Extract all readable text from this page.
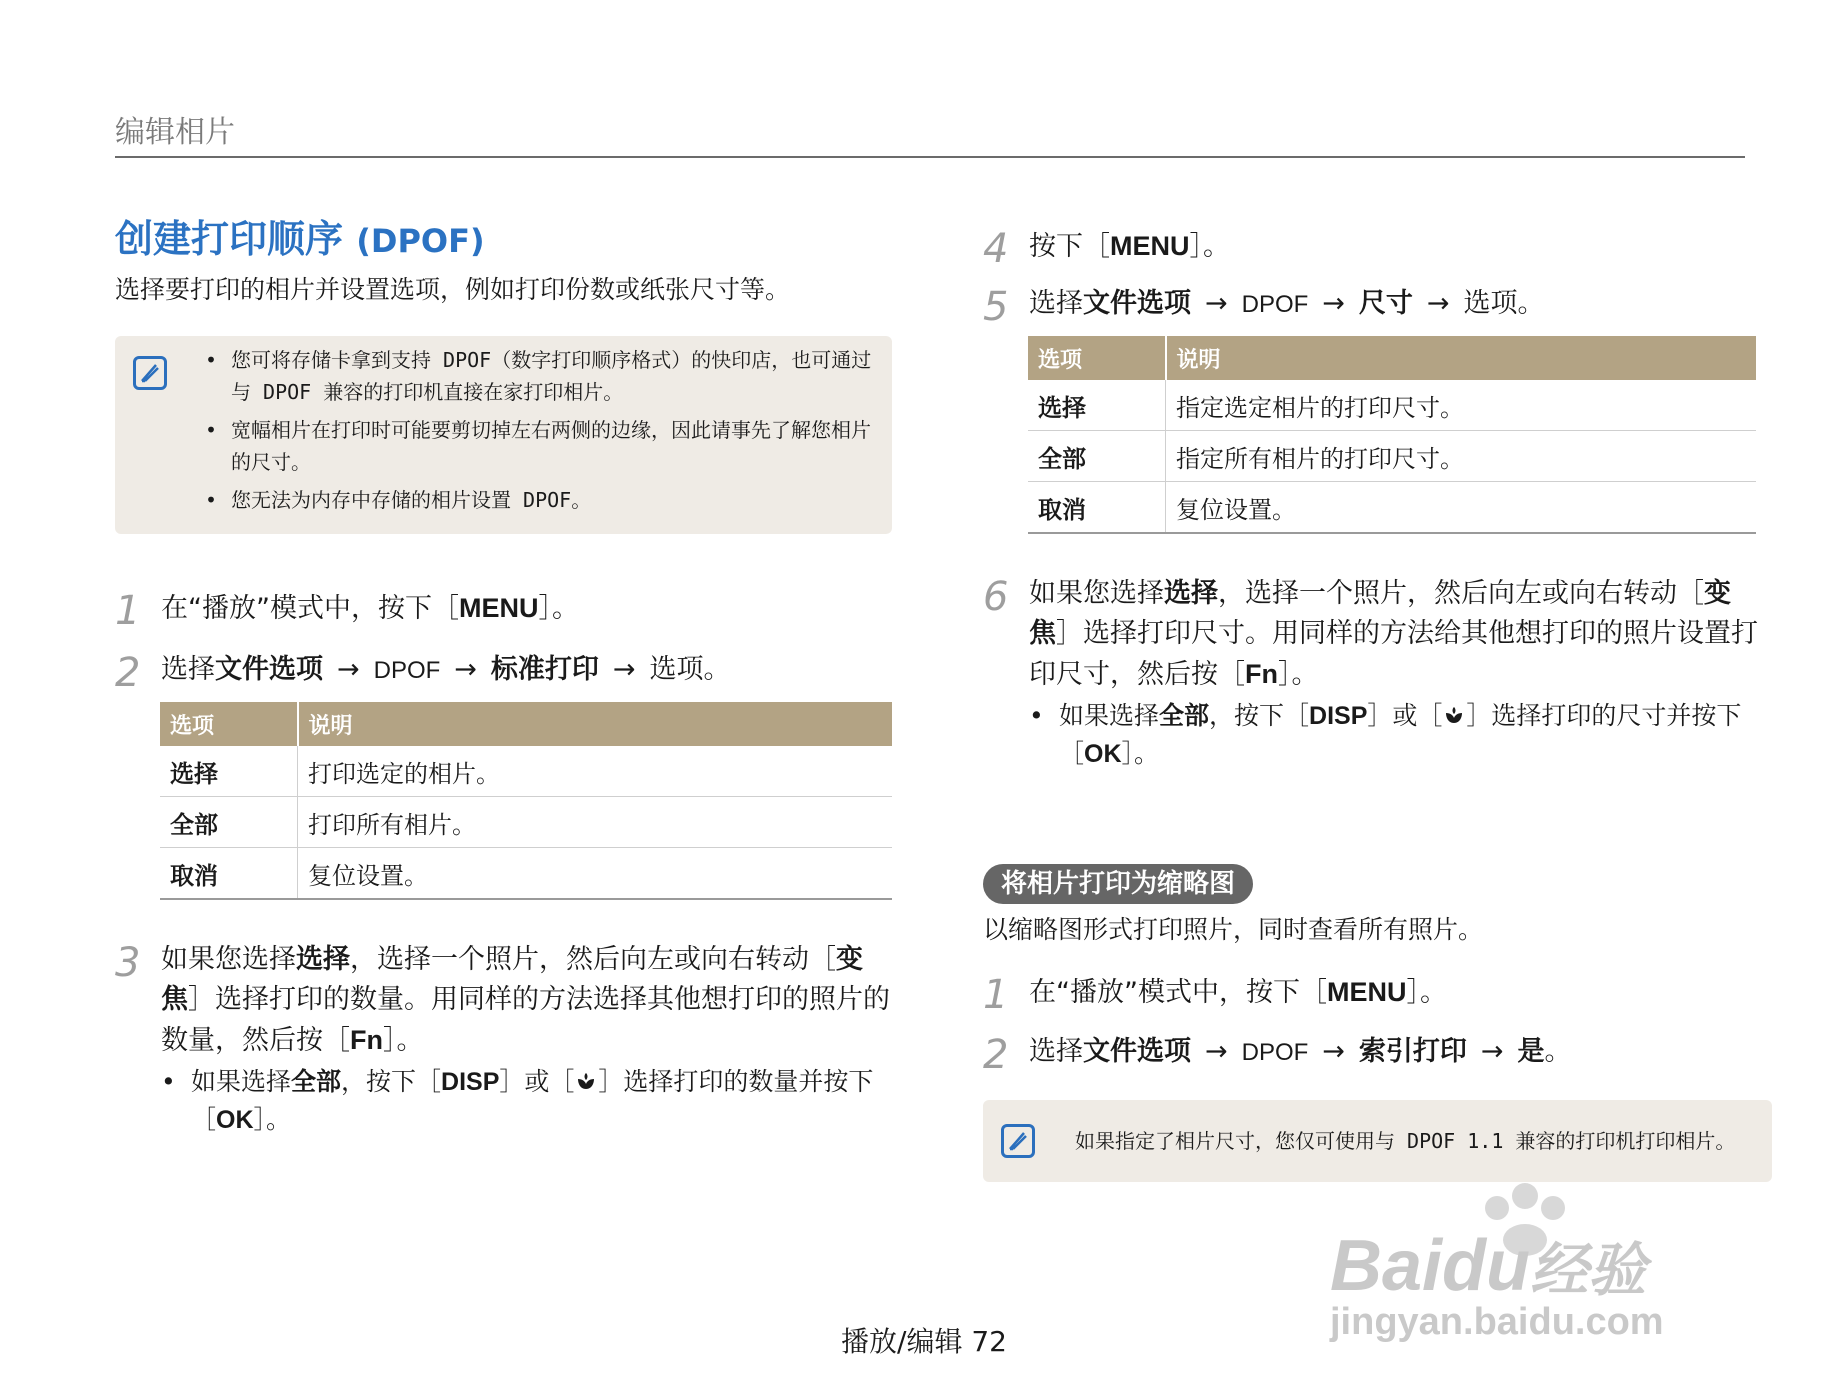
编辑相片
创建打印顺序 (DPOF)
选择要打印的相片并设置选项，例如打印份数或纸张尺寸等。
• 您可将存储卡拿到支持 DPOF（数字打印顺序格式）的快印店，也可通过与 DPOF 兼容的打印机直接在家打印相片。
• 宽幅相片在打印时可能要剪切掉左右两侧的边缘，因此请事先了解您相片的尺寸。
• 您无法为内存中存储的相片设置 DPOF。
1 在“播放”模式中，按下［MENU］。
2 选择文件选项 → DPOF → 标准打印 → 选项。
选项	说明
选择	打印选定的相片。
全部	打印所有相片。
取消	复位设置。
3 如果您选择选择，选择一个照片，然后向左或向右转动［变焦］选择打印的数量。用同样的方法选择其他想打印的照片的数量，然后按［Fn］。
• 如果选择全部，按下［DISP］或［ ］选择打印的数量并按下［OK］。
4 按下［MENU］。
5 选择文件选项 → DPOF → 尺寸 → 选项。
选项	说明
选择	指定选定相片的打印尺寸。
全部	指定所有相片的打印尺寸。
取消	复位设置。
6 如果您选择选择，选择一个照片，然后向左或向右转动［变焦］选择打印尺寸。用同样的方法给其他想打印的照片设置打印尺寸，然后按［Fn］。
• 如果选择全部，按下［DISP］或［ ］选择打印的尺寸并按下［OK］。
将相片打印为缩略图
以缩略图形式打印照片，同时查看所有照片。
1 在“播放”模式中，按下［MENU］。
2 选择文件选项 → DPOF → 索引打印 → 是。
如果指定了相片尺寸，您仅可使用与 DPOF 1.1 兼容的打印机打印相片。
Baidu经验
jingyan.baidu.com
播放/编辑 72
